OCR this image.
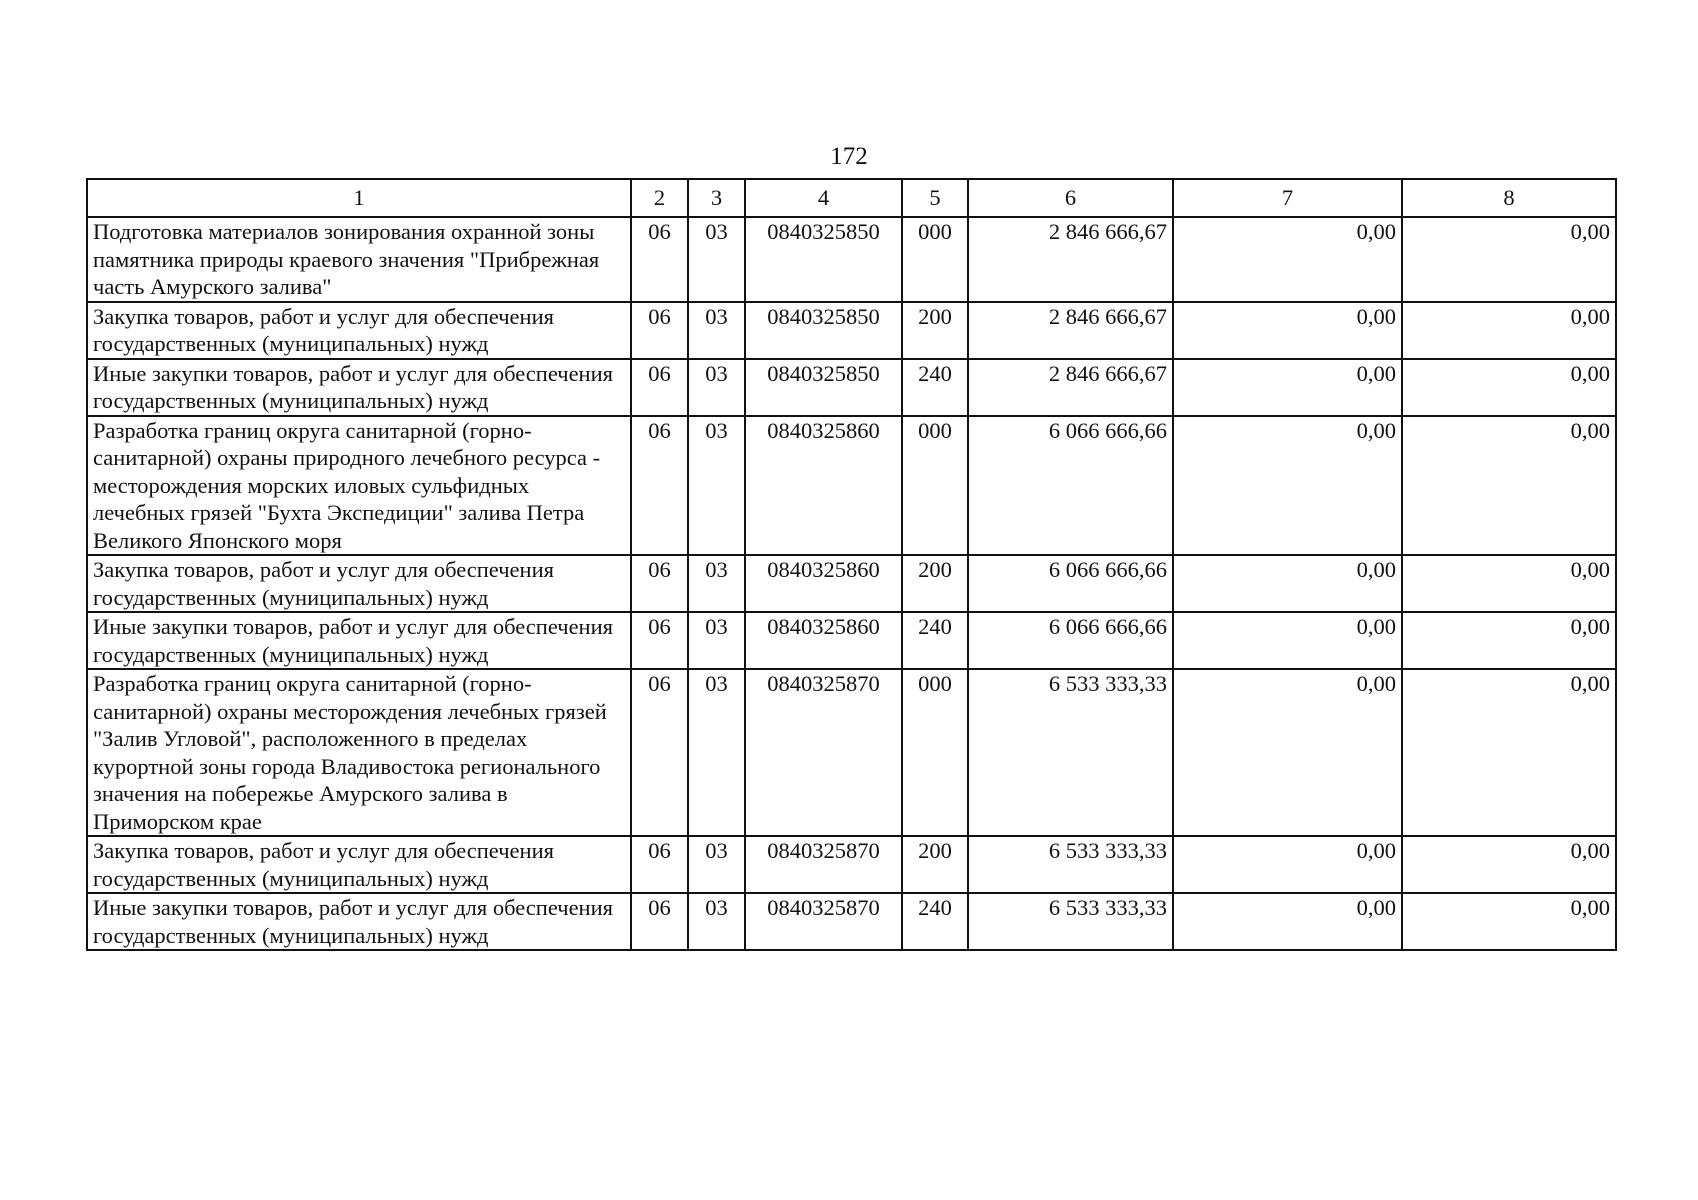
172
1	2	3	4	5	6	7	8
Подготовка материалов зонирования охранной зоны памятника природы краевого значения "Прибрежная часть Амурского залива"	06	03	0840325850	000	2 846 666,67	0,00	0,00
Закупка товаров, работ и услуг для обеспечения государственных (муниципальных) нужд	06	03	0840325850	200	2 846 666,67	0,00	0,00
Иные закупки товаров, работ и услуг для обеспечения государственных (муниципальных) нужд	06	03	0840325850	240	2 846 666,67	0,00	0,00
Разработка границ округа санитарной (горно-санитарной) охраны природного лечебного ресурса - месторождения морских иловых сульфидных лечебных грязей "Бухта Экспедиции" залива Петра Великого Японского моря	06	03	0840325860	000	6 066 666,66	0,00	0,00
Закупка товаров, работ и услуг для обеспечения государственных (муниципальных) нужд	06	03	0840325860	200	6 066 666,66	0,00	0,00
Иные закупки товаров, работ и услуг для обеспечения государственных (муниципальных) нужд	06	03	0840325860	240	6 066 666,66	0,00	0,00
Разработка границ округа санитарной (горно-санитарной) охраны месторождения лечебных грязей "Залив Угловой", расположенного в пределах курортной зоны города Владивостока регионального значения на побережье Амурского залива в Приморском крае	06	03	0840325870	000	6 533 333,33	0,00	0,00
Закупка товаров, работ и услуг для обеспечения государственных (муниципальных) нужд	06	03	0840325870	200	6 533 333,33	0,00	0,00
Иные закупки товаров, работ и услуг для обеспечения государственных (муниципальных) нужд	06	03	0840325870	240	6 533 333,33	0,00	0,00
